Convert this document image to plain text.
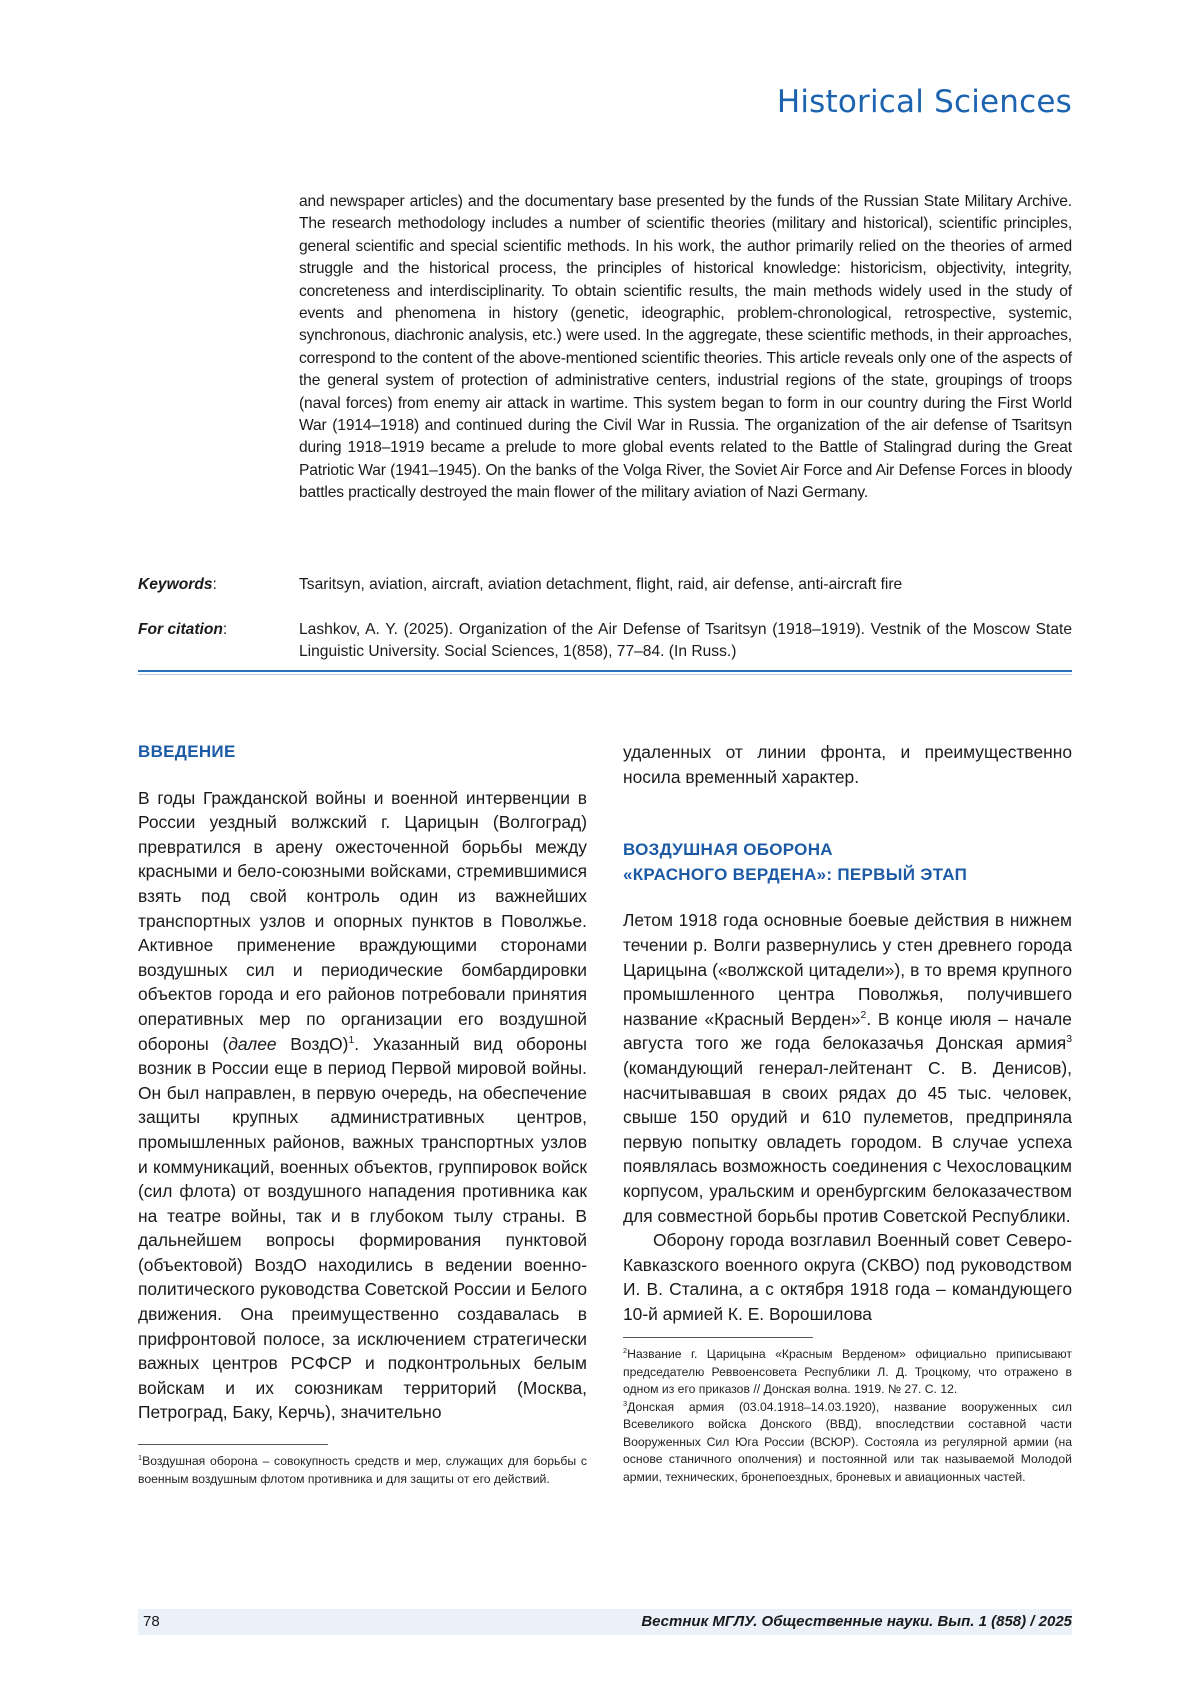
Historical Sciences

and newspaper articles) and the documentary base presented by the funds of the Russian State Military Archive. The research methodology includes a number of scientific theories (military and historical), scientific principles, general scientific and special scientific methods. In his work, the author primarily relied on the theories of armed struggle and the historical process, the principles of historical knowledge: historicism, objectivity, integrity, concreteness and interdisciplinarity. To obtain scientific results, the main methods widely used in the study of events and phenomena in history (genetic, ideographic, problem-chronological, retrospective, systemic, synchronous, diachronic analysis, etc.) were used. In the aggregate, these scientific methods, in their approaches, correspond to the content of the above-mentioned scientific theories. This article reveals only one of the aspects of the general system of protection of administrative centers, industrial regions of the state, groupings of troops (naval forces) from enemy air attack in wartime. This system began to form in our country during the First World War (1914–1918) and continued during the Civil War in Russia. The organization of the air defense of Tsaritsyn during 1918–1919 became a prelude to more global events related to the Battle of Stalingrad during the Great Patriotic War (1941–1945). On the banks of the Volga River, the Soviet Air Force and Air Defense Forces in bloody battles practically destroyed the main flower of the military aviation of Nazi Germany.

Keywords:	Tsaritsyn, aviation, aircraft, aviation detachment, flight, raid, air defense, anti-aircraft fire
For citation:	Lashkov, A. Y. (2025). Organization of the Air Defense of Tsaritsyn (1918–1919). Vestnik of the Moscow State Linguistic University. Social Sciences, 1(858), 77–84. (In Russ.)
ВВЕДЕНИЕ

В годы Гражданской войны и военной интервенции в России уездный волжский г. Царицын (Волгоград) превратился в арену ожесточенной борьбы между красными и бело-союзными войсками, стремившимися взять под свой контроль один из важнейших транспортных узлов и опорных пунктов в Поволжье. Активное применение враждующими сторонами воздушных сил и периодические бомбардировки объектов города и его районов потребовали принятия оперативных мер по организации его воздушной обороны (далее ВоздО)$^1$. Указанный вид обороны возник в России еще в период Первой мировой войны. Он был направлен, в первую очередь, на обеспечение защиты крупных административных центров, промышленных районов, важных транспортных узлов и коммуникаций, военных объектов, группировок войск (сил флота) от воздушного нападения противника как на театре войны, так и в глубоком тылу страны. В дальнейшем вопросы формирования пунктовой (объектовой) ВоздО находились в ведении военно-политического руководства Советской России и Белого движения. Она преимущественно создавалась в прифронтовой полосе, за исключением стратегически важных центров РСФСР и подконтрольных белым войскам и их союзникам территорий (Москва, Петроград, Баку, Керчь), значительно

$^1$Воздушная оборона – совокупность средств и мер, служащих для борьбы с военным воздушным флотом противника и для защиты от его действий.

удаленных от линии фронта, и преимущественно носила временный характер.

ВОЗДУШНАЯ ОБОРОНА
«КРАСНОГО ВЕРДЕНА»: ПЕРВЫЙ ЭТАП

Летом 1918 года основные боевые действия в нижнем течении р. Волги развернулись у стен древнего города Царицына («волжской цитадели»), в то время крупного промышленного центра Поволжья, получившего название «Красный Верден»$^2$. В конце июля – начале августа того же года белоказачья Донская армия$^3$ (командующий генерал-лейтенант С. В. Денисов), насчитывавшая в своих рядах до 45 тыс. человек, свыше 150 орудий и 610 пулеметов, предприняла первую попытку овладеть городом. В случае успеха появлялась возможность соединения с Чехословацким корпусом, уральским и оренбургским белоказачеством для совместной борьбы против Советской Республики.

Оборону города возглавил Военный совет Северо-Кавказского военного округа (СКВО) под руководством И. В. Сталина, а с октября 1918 года – командующего 10-й армией К. Е. Ворошилова

$^2$Название г. Царицына «Красным Верденом» официально приписывают председателю Реввоенсовета Республики Л. Д. Троцкому, что отражено в одном из его приказов // Донская волна. 1919. № 27. С. 12.

$^3$Донская армия (03.04.1918–14.03.1920), название вооруженных сил Всевеликого войска Донского (ВВД), впоследствии составной части Вооруженных Сил Юга России (ВСЮР). Состояла из регулярной армии (на основе станичного ополчения) и постоянной или так называемой Молодой армии, технических, бронепоездных, броневых и авиационных частей.

78	Вестник МГЛУ. Общественные науки. Вып. 1 (858) / 2025
